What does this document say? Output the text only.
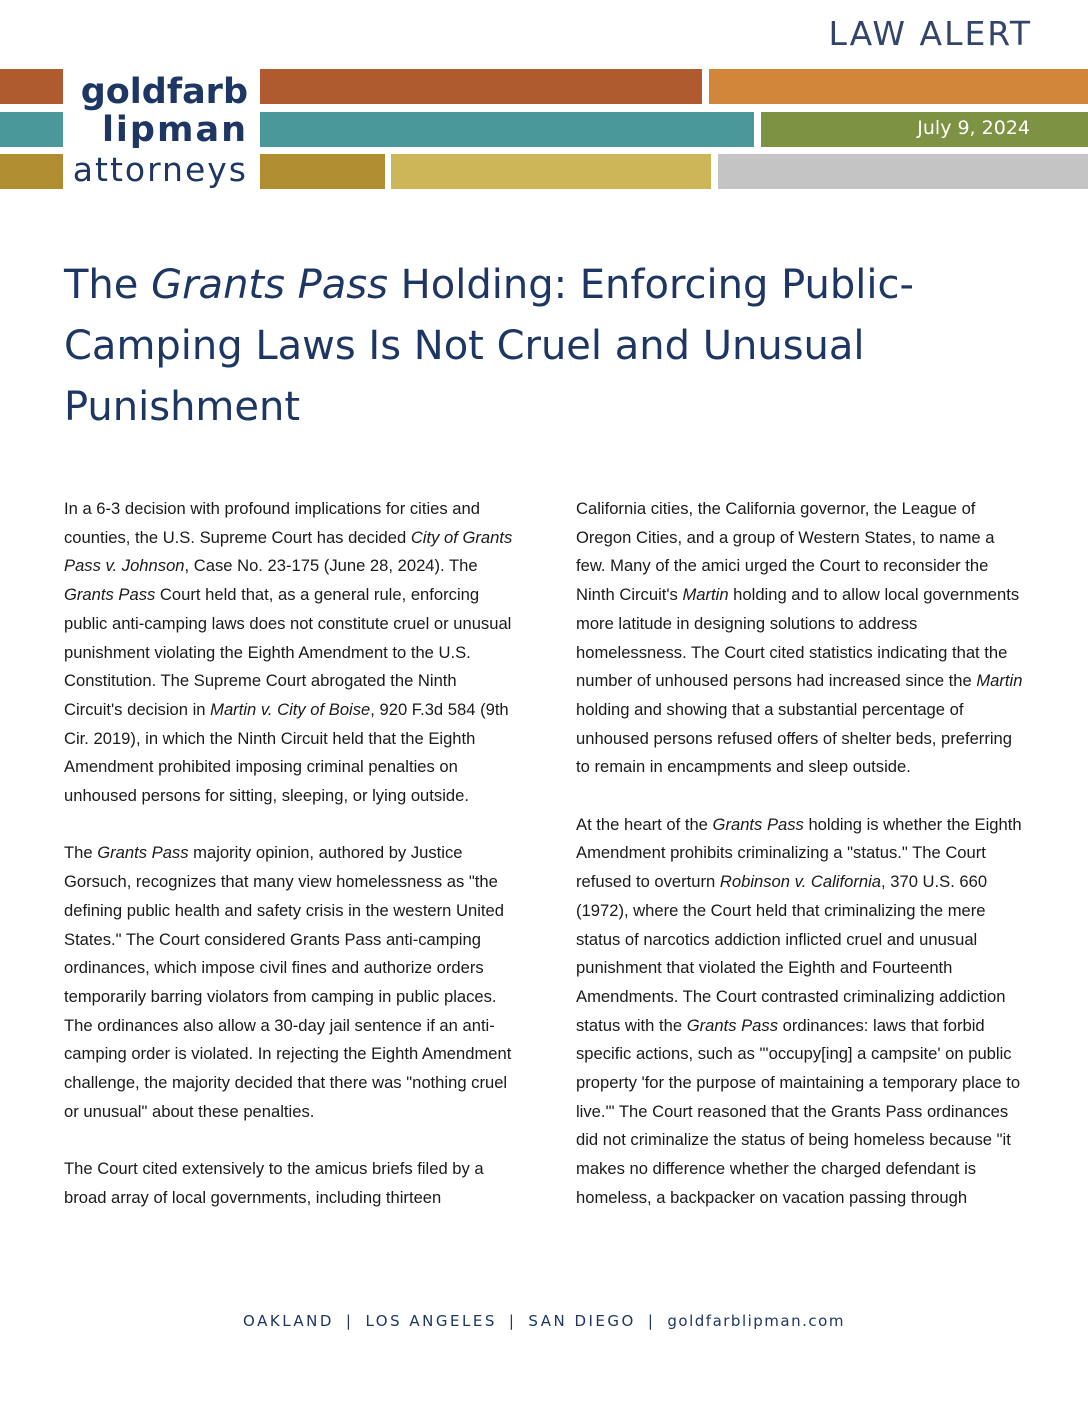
LAW ALERT
goldfarb
lipman
attorneys
July 9, 2024
The Grants Pass Holding: Enforcing Public-
Camping Laws Is Not Cruel and Unusual
Punishment

In a 6-3 decision with profound implications for cities and counties, the U.S. Supreme Court has decided City of Grants Pass v. Johnson, Case No. 23-175 (June 28, 2024). The Grants Pass Court held that, as a general rule, enforcing public anti-camping laws does not constitute cruel or unusual punishment violating the Eighth Amendment to the U.S. Constitution. The Supreme Court abrogated the Ninth Circuit's decision in Martin v. City of Boise, 920 F.3d 584 (9th Cir. 2019), in which the Ninth Circuit held that the Eighth Amendment prohibited imposing criminal penalties on unhoused persons for sitting, sleeping, or lying outside.

The Grants Pass majority opinion, authored by Justice Gorsuch, recognizes that many view homelessness as "the defining public health and safety crisis in the western United States." The Court considered Grants Pass anti-camping ordinances, which impose civil fines and authorize orders temporarily barring violators from camping in public places. The ordinances also allow a 30-day jail sentence if an anti-camping order is violated. In rejecting the Eighth Amendment challenge, the majority decided that there was "nothing cruel or unusual" about these penalties.

The Court cited extensively to the amicus briefs filed by a broad array of local governments, including thirteen

California cities, the California governor, the League of Oregon Cities, and a group of Western States, to name a few. Many of the amici urged the Court to reconsider the Ninth Circuit's Martin holding and to allow local governments more latitude in designing solutions to address homelessness. The Court cited statistics indicating that the number of unhoused persons had increased since the Martin holding and showing that a substantial percentage of unhoused persons refused offers of shelter beds, preferring to remain in encampments and sleep outside.

At the heart of the Grants Pass holding is whether the Eighth Amendment prohibits criminalizing a "status." The Court refused to overturn Robinson v. California, 370 U.S. 660 (1972), where the Court held that criminalizing the mere status of narcotics addiction inflicted cruel and unusual punishment that violated the Eighth and Fourteenth Amendments. The Court contrasted criminalizing addiction status with the Grants Pass ordinances: laws that forbid specific actions, such as "'occupy[ing] a campsite' on public property 'for the purpose of maintaining a temporary place to live.'" The Court reasoned that the Grants Pass ordinances did not criminalize the status of being homeless because "it makes no difference whether the charged defendant is homeless, a backpacker on vacation passing through

OAKLAND | LOS ANGELES | SAN DIEGO | goldfarblipman.com
